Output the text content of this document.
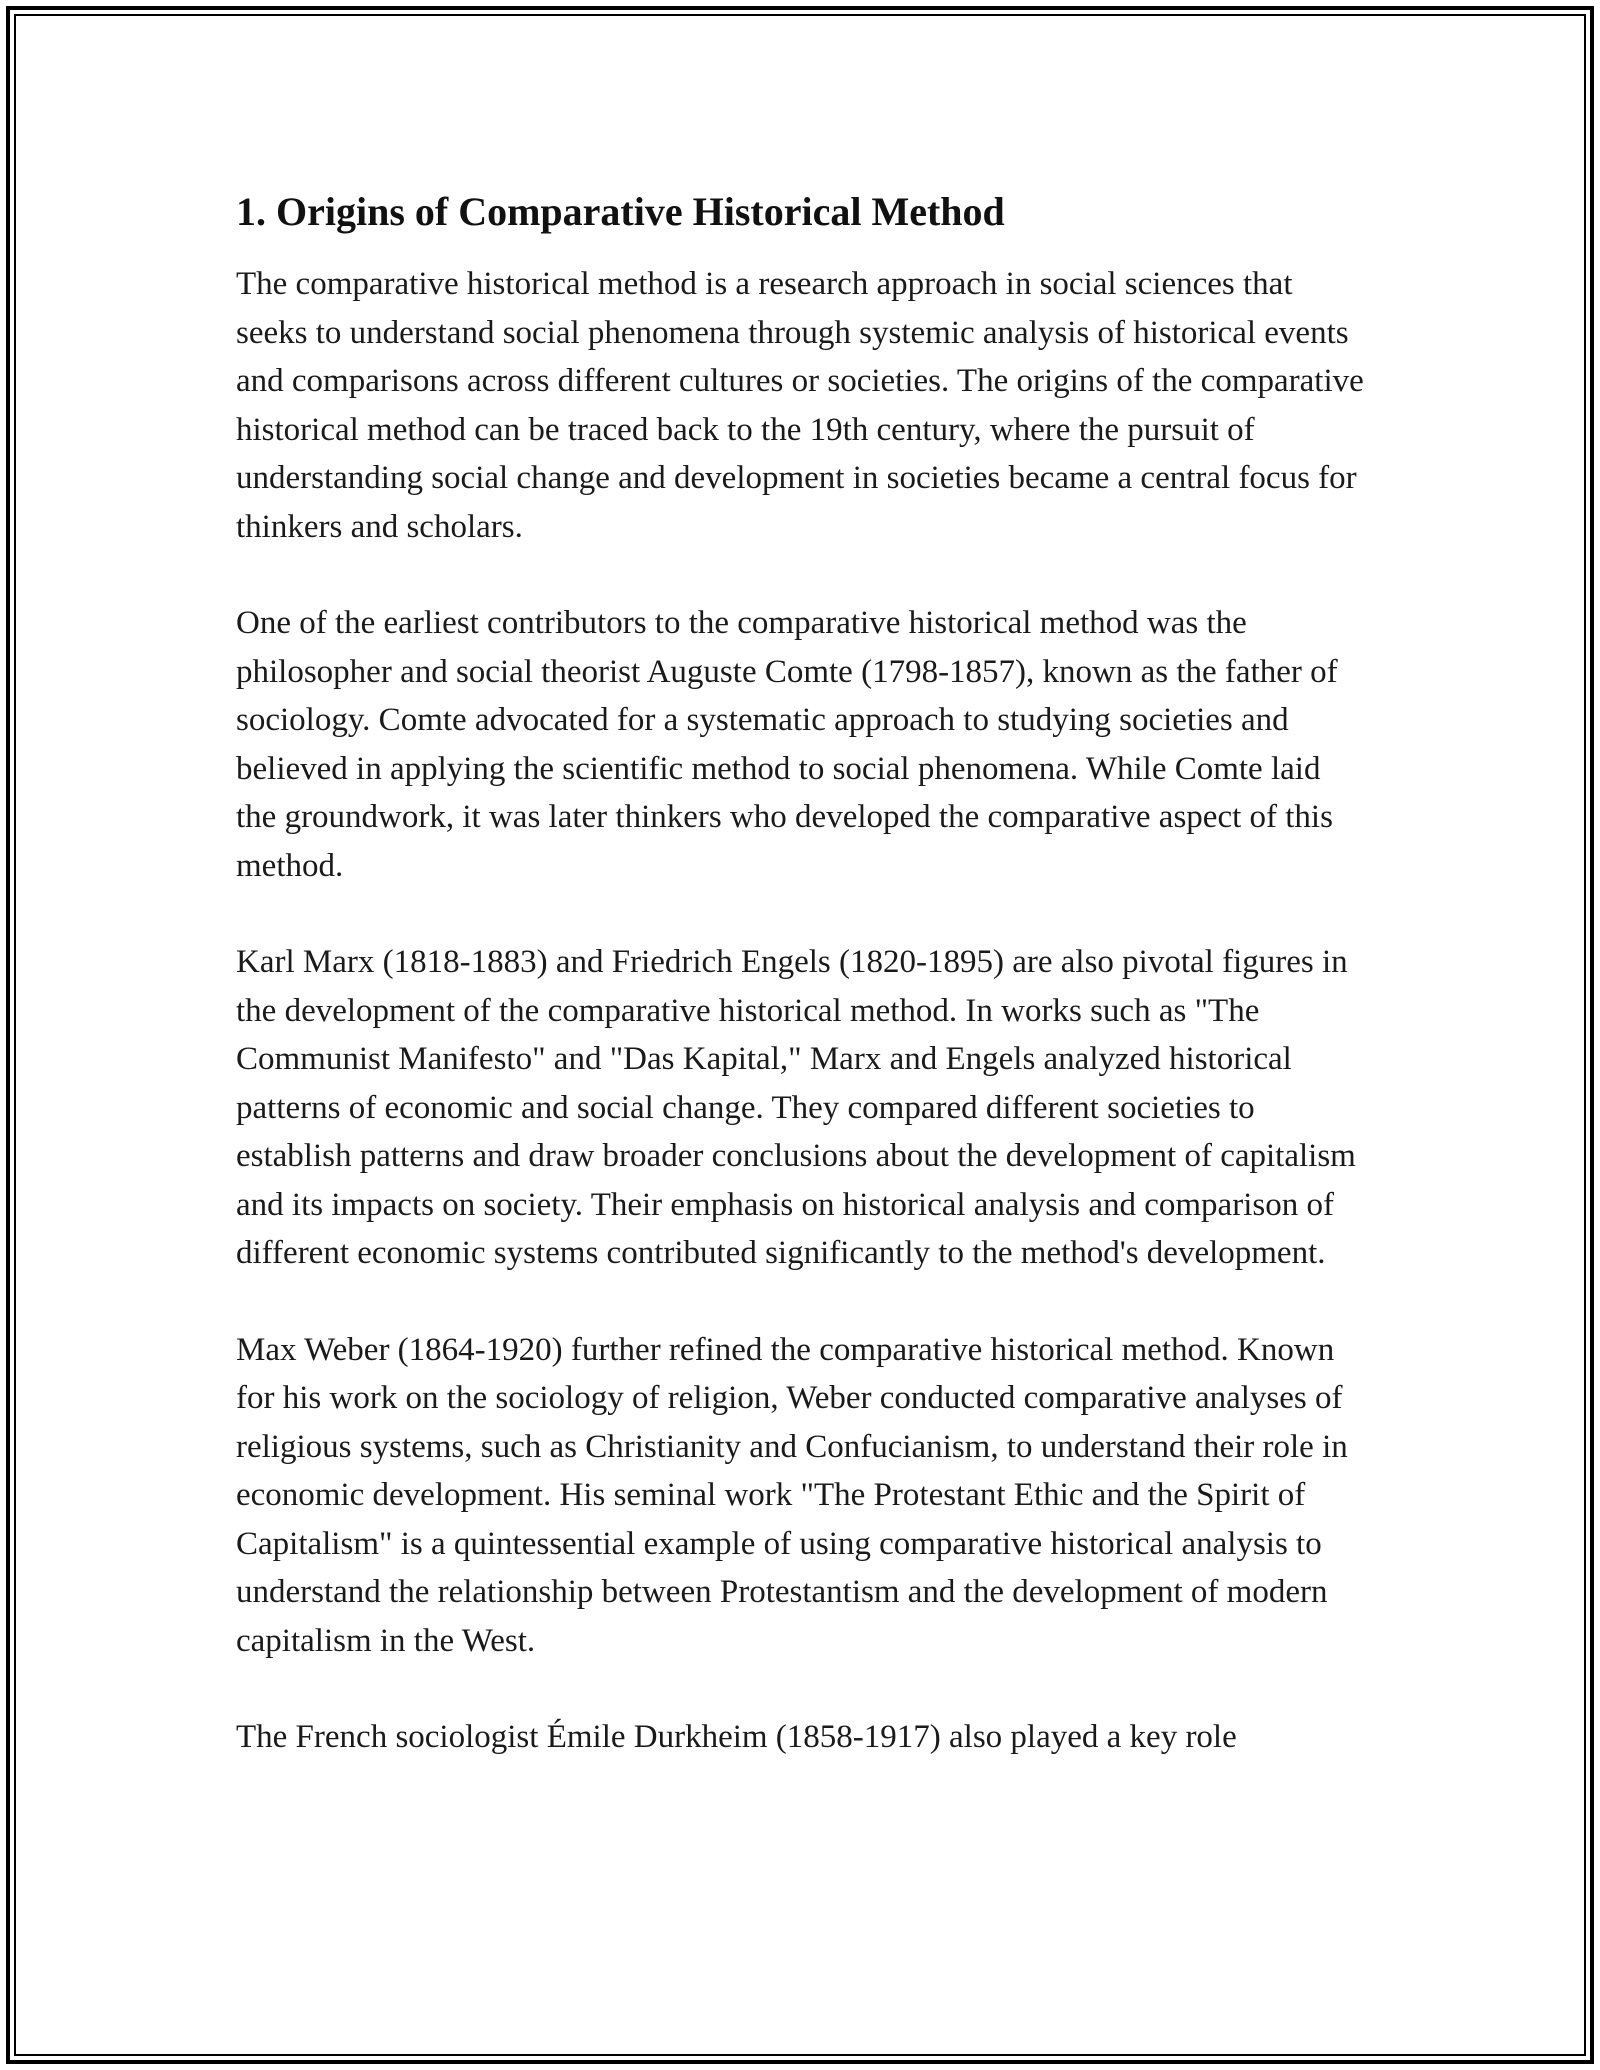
1. Origins of Comparative Historical Method

The comparative historical method is a research approach in social sciences that seeks to understand social phenomena through systemic analysis of historical events and comparisons across different cultures or societies. The origins of the comparative historical method can be traced back to the 19th century, where the pursuit of understanding social change and development in societies became a central focus for thinkers and scholars.

One of the earliest contributors to the comparative historical method was the philosopher and social theorist Auguste Comte (1798-1857), known as the father of sociology. Comte advocated for a systematic approach to studying societies and believed in applying the scientific method to social phenomena. While Comte laid the groundwork, it was later thinkers who developed the comparative aspect of this method.

Karl Marx (1818-1883) and Friedrich Engels (1820-1895) are also pivotal figures in the development of the comparative historical method. In works such as "The Communist Manifesto" and "Das Kapital," Marx and Engels analyzed historical patterns of economic and social change. They compared different societies to establish patterns and draw broader conclusions about the development of capitalism and its impacts on society. Their emphasis on historical analysis and comparison of different economic systems contributed significantly to the method's development.

Max Weber (1864-1920) further refined the comparative historical method. Known for his work on the sociology of religion, Weber conducted comparative analyses of religious systems, such as Christianity and Confucianism, to understand their role in economic development. His seminal work "The Protestant Ethic and the Spirit of Capitalism" is a quintessential example of using comparative historical analysis to understand the relationship between Protestantism and the development of modern capitalism in the West.

The French sociologist Émile Durkheim (1858-1917) also played a key role
